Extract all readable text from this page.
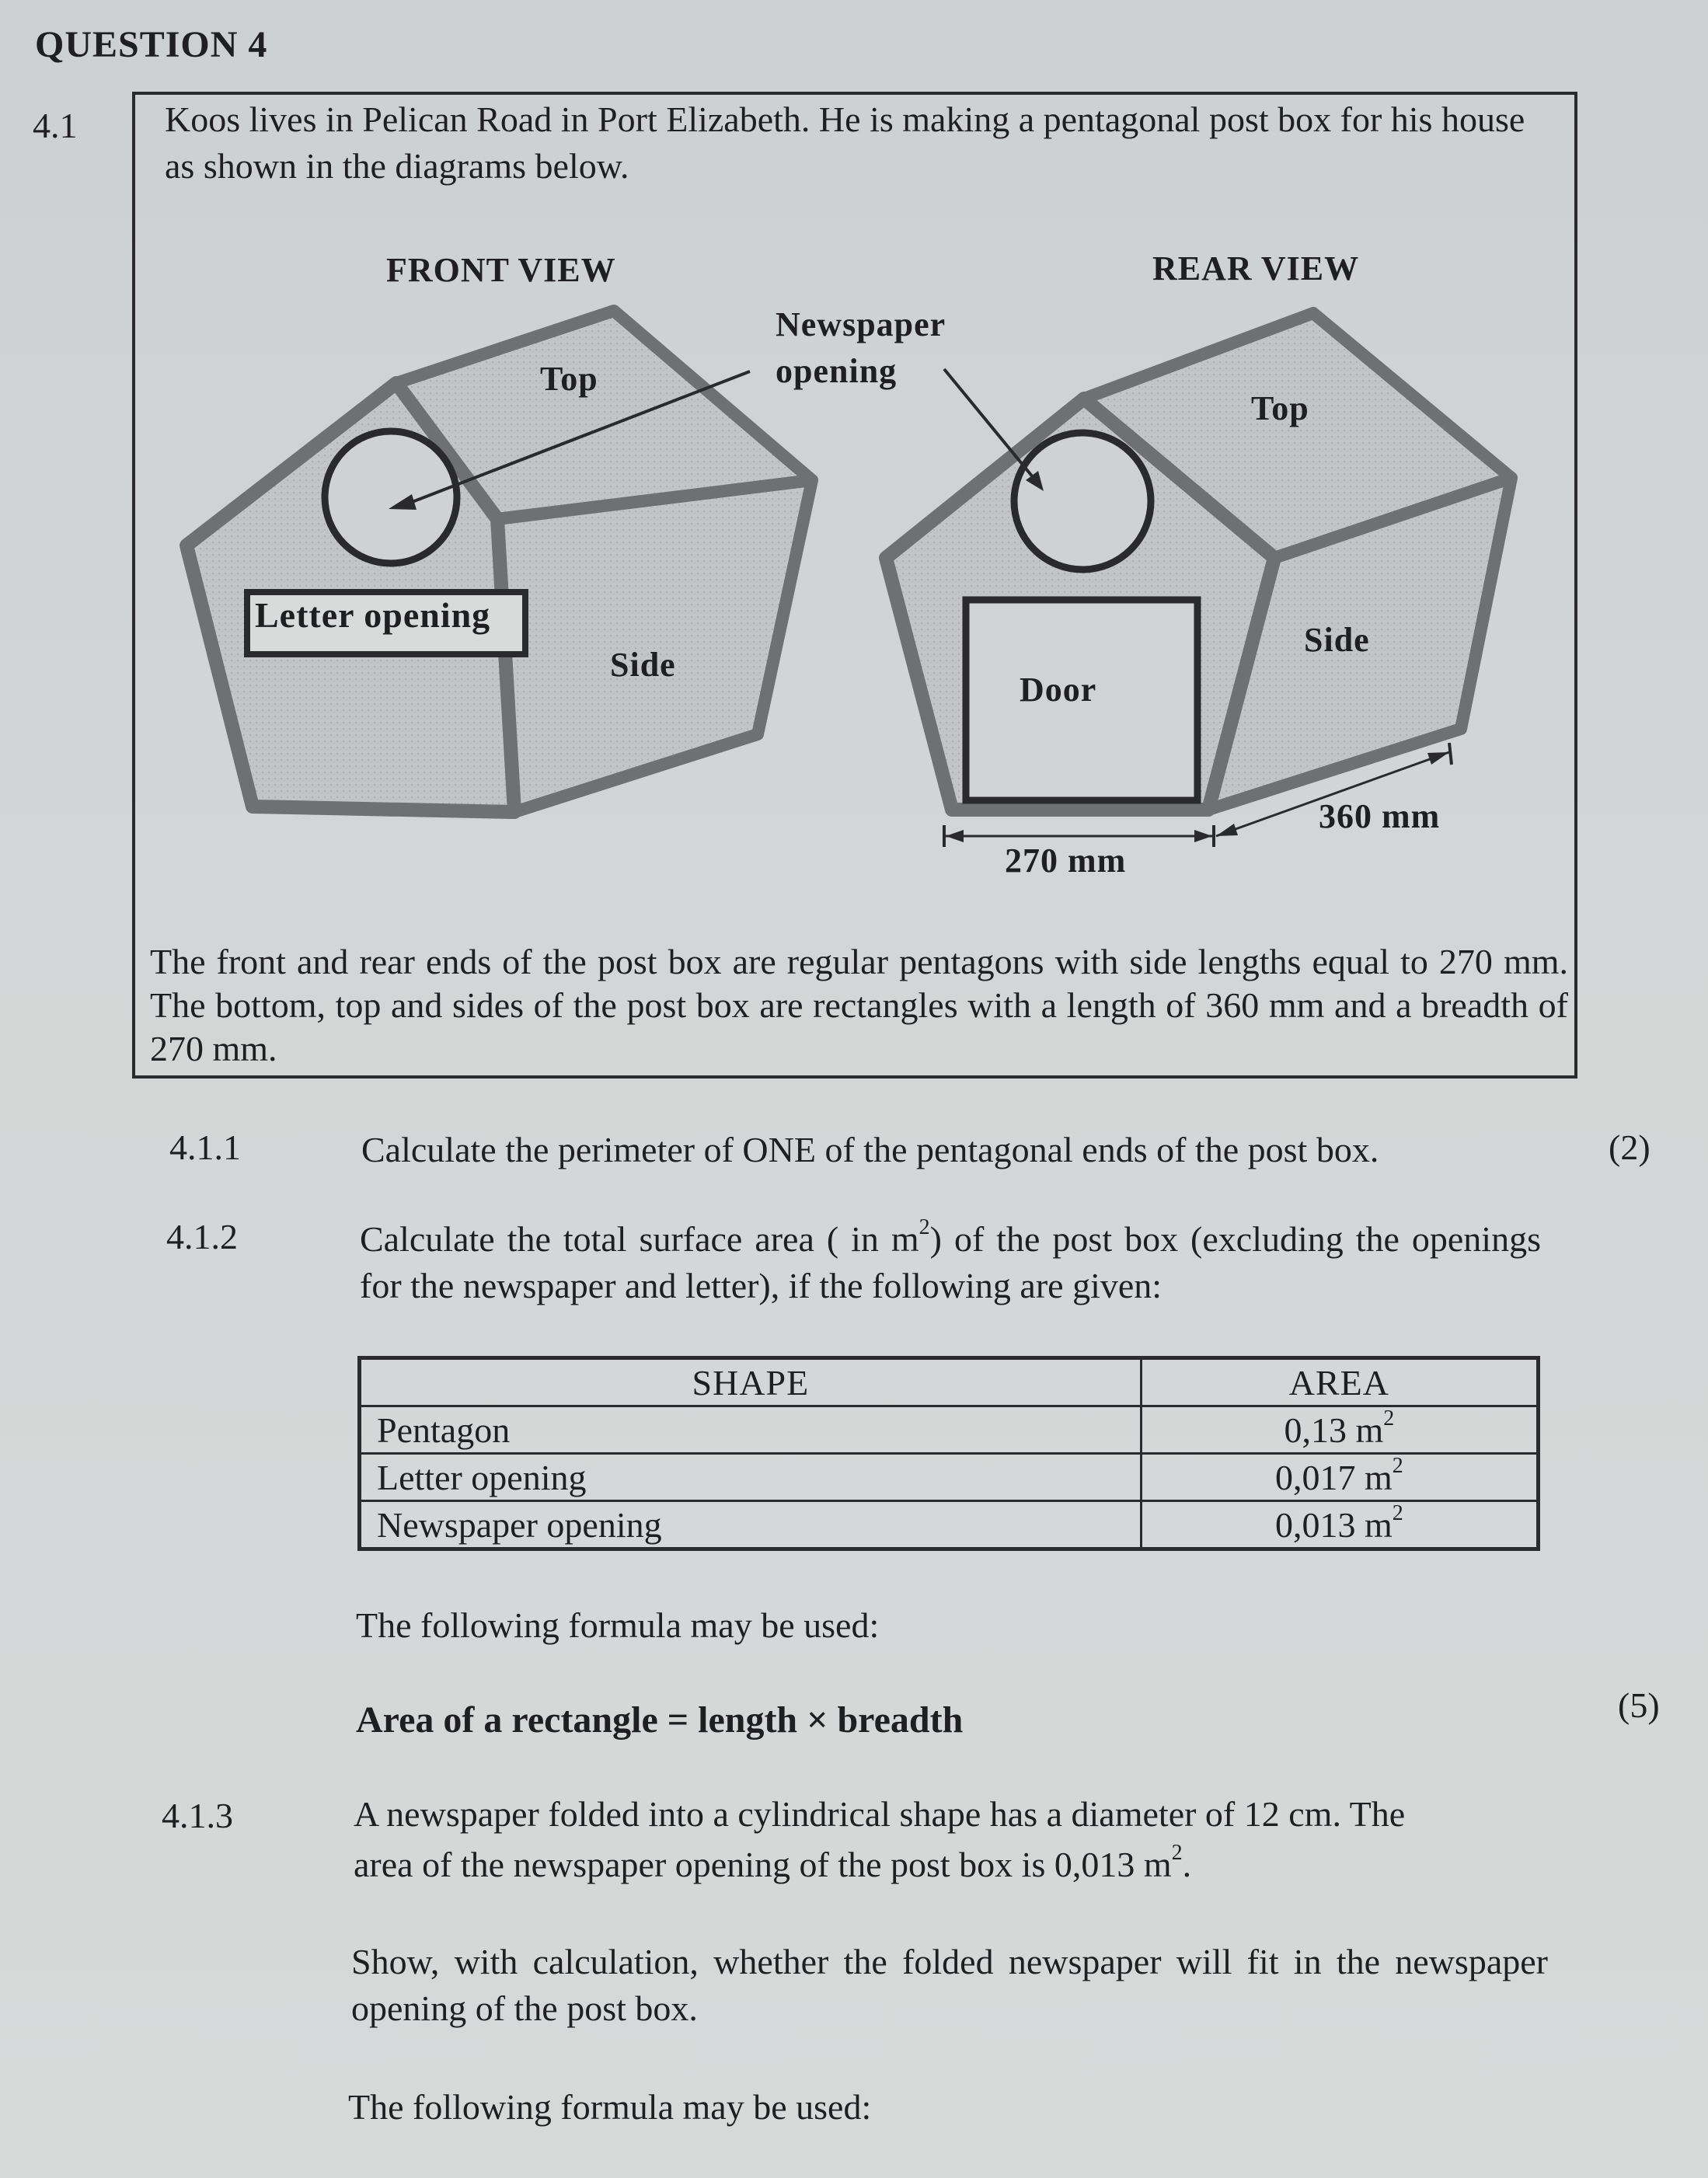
QUESTION 4
4.1 Koos lives in Pelican Road in Port Elizabeth. He is making a pentagonal post box for his house as shown in the diagrams below.
FRONT VIEW	REAR VIEW
Top
Side
Letter opening
Newspaper
opening
Top
Side
Door
270 mm
360 mm
The front and rear ends of the post box are regular pentagons with side lengths equal to 270 mm. The bottom, top and sides of the post box are rectangles with a length of 360 mm and a breadth of 270 mm.
4.1.1	Calculate the perimeter of ONE of the pentagonal ends of the post box.	(2)
4.1.2	Calculate the total surface area ( in $m^2$) of the post box (excluding the openings for the newspaper and letter), if the following are given:
SHAPE	AREA
Pentagon	0,13 $m^2$
Letter opening	0,017 $m^2$
Newspaper opening	0,013 $m^2$
The following formula may be used:
Area of a rectangle = length × breadth	(5)
4.1.3	A newspaper folded into a cylindrical shape has a diameter of 12 cm. The
area of the newspaper opening of the post box is 0,013 $m^2$.
Show, with calculation, whether the folded newspaper will fit in the newspaper opening of the post box.
The following formula may be used:
